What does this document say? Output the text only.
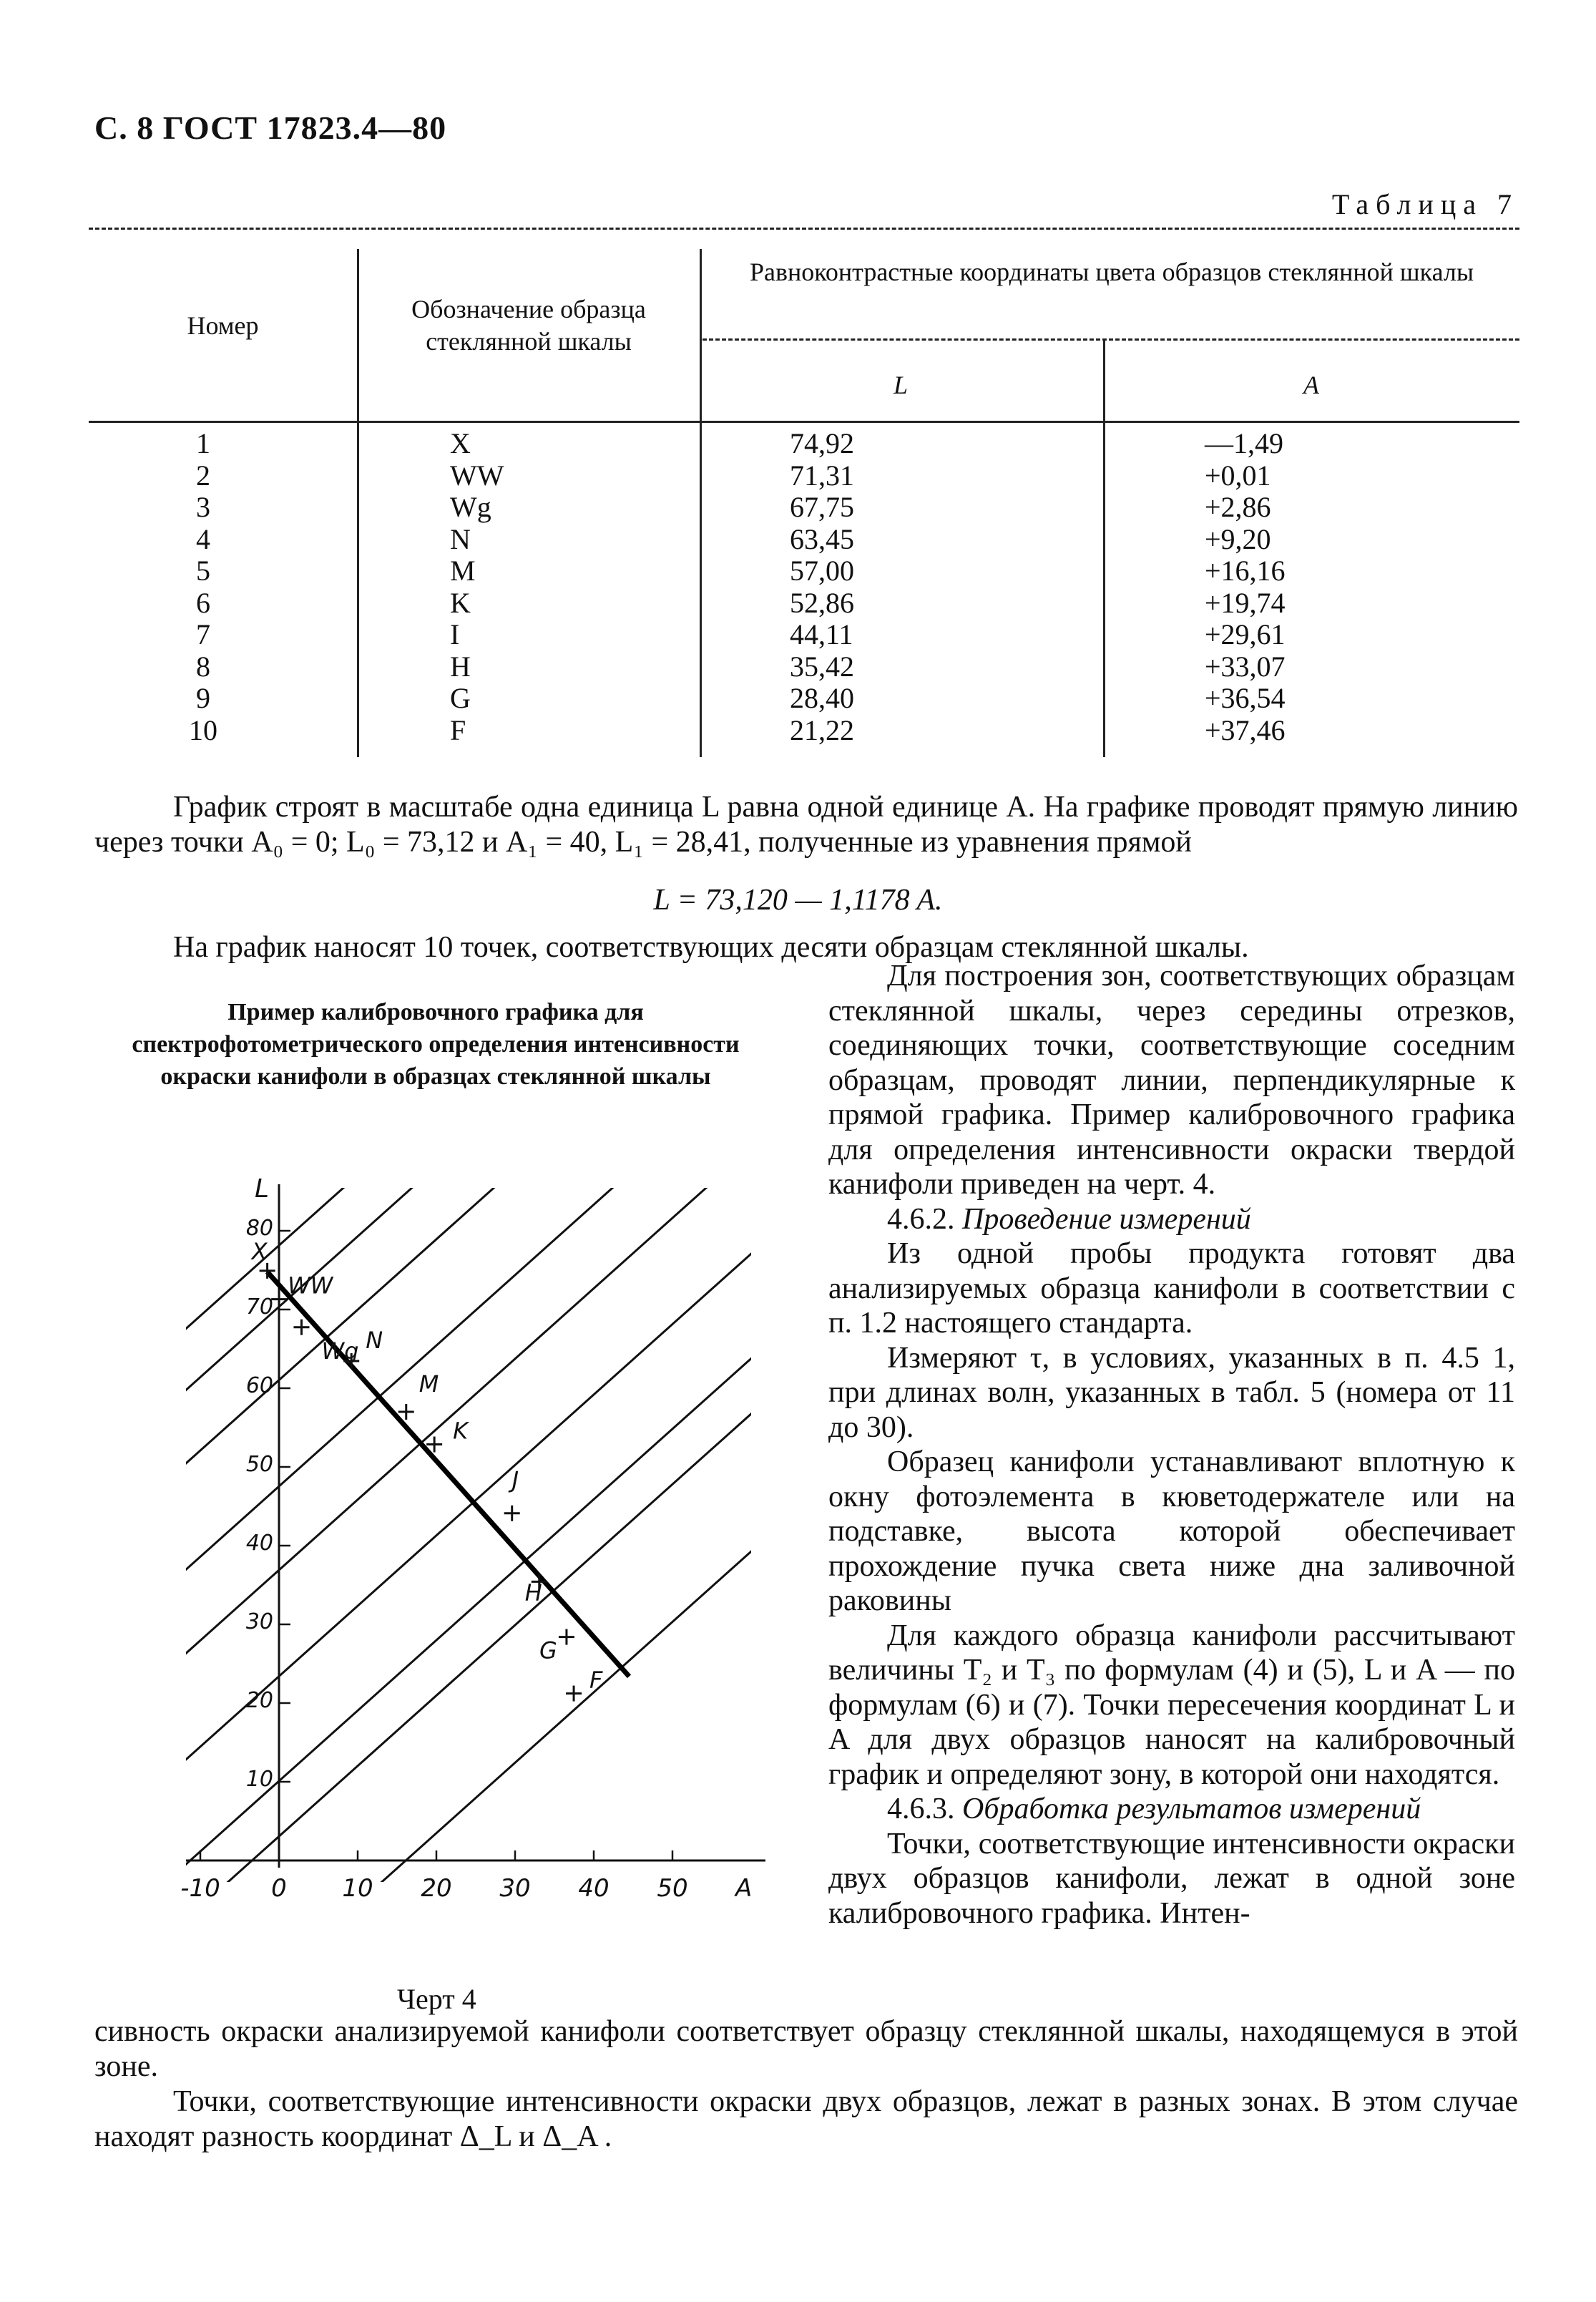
С. 8 ГОСТ 17823.4—80
Таблица 7
Номер
Обозначение образца стеклянной шкалы
Равноконтрастные координаты цвета образцов стеклянной шкалы
L	A
1
2
3
4
5
6
7
8
9
10
X
WW
Wg
N
M
K
I
H
G
F
74,92
71,31
67,75
63,45
57,00
52,86
44,11
35,42
28,40
21,22
—1,49
+0,01
+2,86
+9,20
+16,16
+19,74
+29,61
+33,07
+36,54
+37,46
График строят в масштабе одна единица L равна одной единице A. На графике проводят прямую линию через точки A₀ = 0; L₀ = 73,12 и A₁ = 40, L₁ = 28,41, полученные из уравнения прямой
L = 73,120 — 1,1178 A.
На график наносят 10 точек, соответствующих десяти образцам стеклянной шкалы.
Пример калибровочного графика для спектрофотометрического определения интенсивности окраски канифоли в образцах стеклянной шкалы
-10 0 10 20 30 40 50 A
10
20
30
40
50
60
70
80
L
X
WW
Wg N
M
K
J
H
G
F
Черт 4

Для построения зон, соответствующих образцам стеклянной шкалы, через середины отрезков, соединяющих точки, соответствующие соседним образцам, проводят линии, перпендикулярные к прямой графика. Пример калибровочного графика для определения интенсивности окраски твердой канифоли приведен на черт. 4.

4.6.2. Проведение измерений

Из одной пробы продукта готовят два анализируемых образца канифоли в соответствии с п. 1.2 настоящего стандарта.

Измеряют τ, в условиях, указанных в п. 4.5 1, при длинах волн, указанных в табл. 5 (номера от 11 до 30).

Образец канифоли устанавливают вплотную к окну фотоэлемента в кюветодержателе или на подставке, высота которой обеспечивает прохождение пучка света ниже дна заливочной раковины

Для каждого образца канифоли рассчитывают величины T₂ и T₃ по формулам (4) и (5), L и A — по формулам (6) и (7). Точки пересечения координат L и A для двух образцов наносят на калибровочный график и определяют зону, в которой они находятся.

4.6.3. Обработка результатов измерений

Точки, соответствующие интенсивности окраски двух образцов канифоли, лежат в одной зоне калибровочного графика. Интен-

сивность окраски анализируемой канифоли соответствует образцу стеклянной шкалы, находящемуся в этой зоне.

Точки, соответствующие интенсивности окраски двух образцов, лежат в разных зонах. В этом случае находят разность координат Δ_L и Δ_A .
